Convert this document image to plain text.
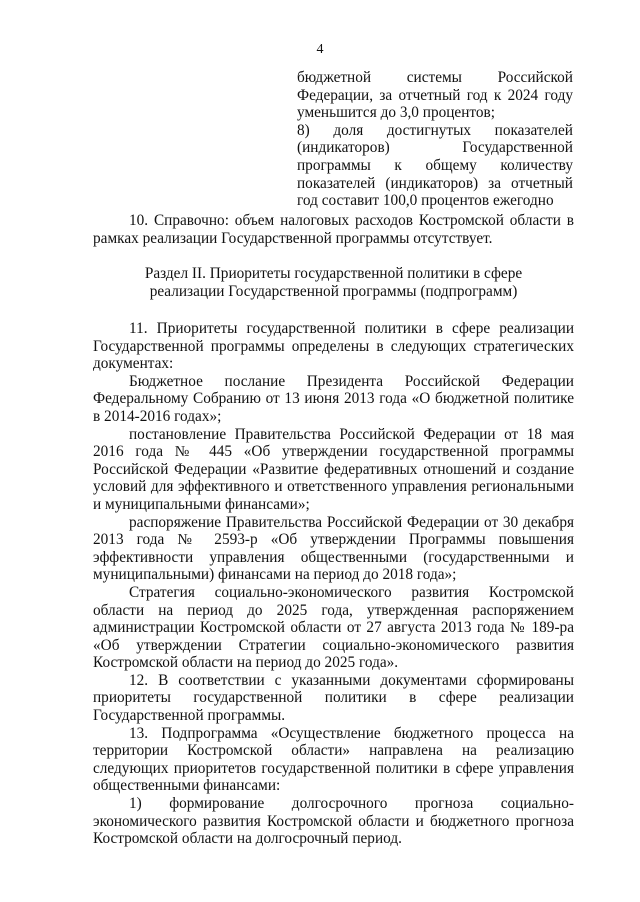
4

бюджетной системы Российской Федерации, за отчетный год к 2024 году уменьшится до 3,0 процентов;

8) доля достигнутых показателей (индикаторов) Государственной программы к общему количеству показателей (индикаторов) за отчетный год составит 100,0 процентов ежегодно

10. Справочно: объем налоговых расходов Костромской области в рамках реализации Государственной программы отсутствует.

Раздел II. Приоритеты государственной политики в сфере
реализации Государственной программы (подпрограмм)

11. Приоритеты государственной политики в сфере реализации Государственной программы определены в следующих стратегических документах:

Бюджетное послание Президента Российской Федерации Федеральному Собранию от 13 июня 2013 года «О бюджетной политике в 2014-2016 годах»;

постановление Правительства Российской Федерации от 18 мая 2016 года № 445 «Об утверждении государственной программы Российской Федерации «Развитие федеративных отношений и создание условий для эффективного и ответственного управления региональными и муниципальными финансами»;

распоряжение Правительства Российской Федерации от 30 декабря 2013 года № 2593-р «Об утверждении Программы повышения эффективности управления общественными (государственными и муниципальными) финансами на период до 2018 года»;

Стратегия социально-экономического развития Костромской области на период до 2025 года, утвержденная распоряжением администрации Костромской области от 27 августа 2013 года № 189-ра «Об утверждении Стратегии социально-экономического развития Костромской области на период до 2025 года».

12. В соответствии с указанными документами сформированы приоритеты государственной политики в сфере реализации Государственной программы.

13. Подпрограмма «Осуществление бюджетного процесса на территории Костромской области» направлена на реализацию следующих приоритетов государственной политики в сфере управления общественными финансами:

1) формирование долгосрочного прогноза социально-экономического развития Костромской области и бюджетного прогноза Костромской области на долгосрочный период.
